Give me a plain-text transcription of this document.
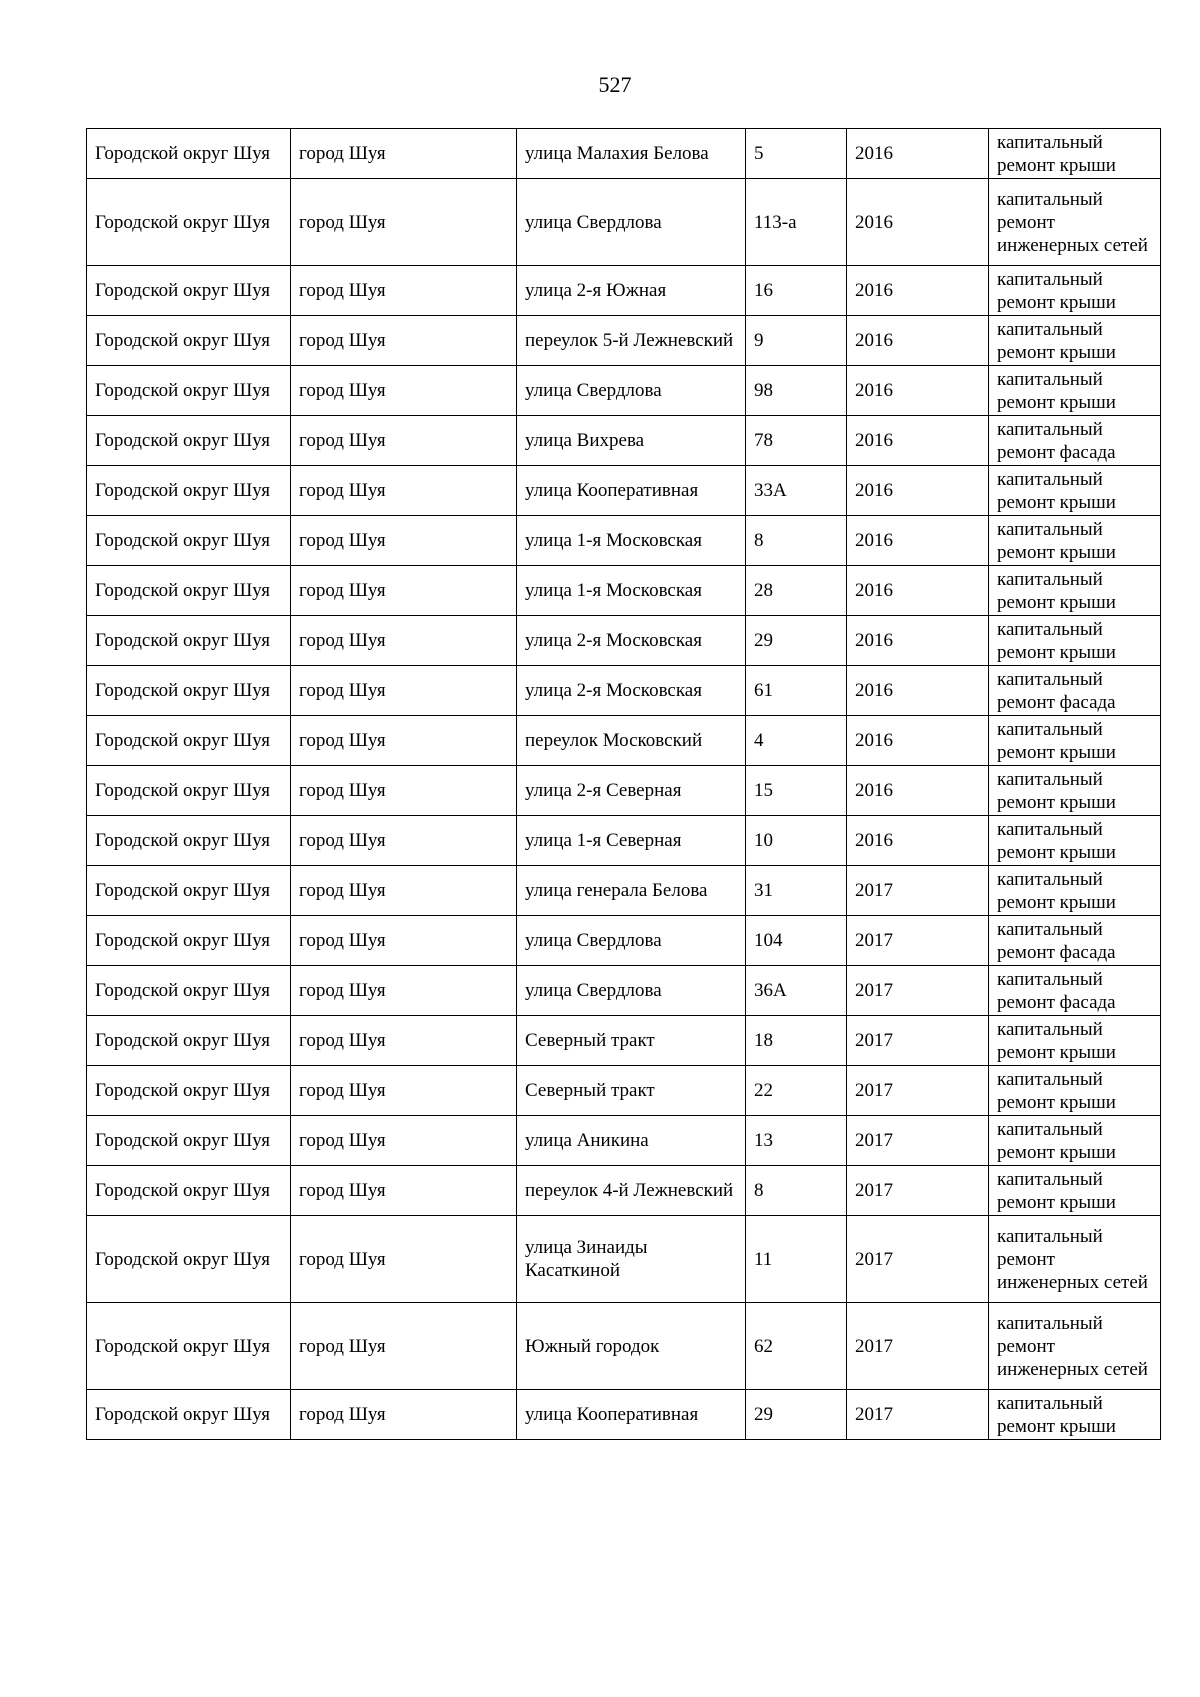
527
Городской округ Шуя	город Шуя	улица Малахия Белова	5	2016	капитальный ремонт крыши
Городской округ Шуя	город Шуя	улица Свердлова	113-а	2016	капитальный ремонт инженерных сетей
Городской округ Шуя	город Шуя	улица 2-я Южная	16	2016	капитальный ремонт крыши
Городской округ Шуя	город Шуя	переулок 5-й Лежневский	9	2016	капитальный ремонт крыши
Городской округ Шуя	город Шуя	улица Свердлова	98	2016	капитальный ремонт крыши
Городской округ Шуя	город Шуя	улица Вихрева	78	2016	капитальный ремонт фасада
Городской округ Шуя	город Шуя	улица Кооперативная	33А	2016	капитальный ремонт крыши
Городской округ Шуя	город Шуя	улица 1-я Московская	8	2016	капитальный ремонт крыши
Городской округ Шуя	город Шуя	улица 1-я Московская	28	2016	капитальный ремонт крыши
Городской округ Шуя	город Шуя	улица 2-я Московская	29	2016	капитальный ремонт крыши
Городской округ Шуя	город Шуя	улица 2-я Московская	61	2016	капитальный ремонт фасада
Городской округ Шуя	город Шуя	переулок Московский	4	2016	капитальный ремонт крыши
Городской округ Шуя	город Шуя	улица 2-я Северная	15	2016	капитальный ремонт крыши
Городской округ Шуя	город Шуя	улица 1-я Северная	10	2016	капитальный ремонт крыши
Городской округ Шуя	город Шуя	улица генерала Белова	31	2017	капитальный ремонт крыши
Городской округ Шуя	город Шуя	улица Свердлова	104	2017	капитальный ремонт фасада
Городской округ Шуя	город Шуя	улица Свердлова	36А	2017	капитальный ремонт фасада
Городской округ Шуя	город Шуя	Северный тракт	18	2017	капитальный ремонт крыши
Городской округ Шуя	город Шуя	Северный тракт	22	2017	капитальный ремонт крыши
Городской округ Шуя	город Шуя	улица Аникина	13	2017	капитальный ремонт крыши
Городской округ Шуя	город Шуя	переулок 4-й Лежневский	8	2017	капитальный ремонт крыши
Городской округ Шуя	город Шуя	улица Зинаиды Касаткиной	11	2017	капитальный ремонт инженерных сетей
Городской округ Шуя	город Шуя	Южный городок	62	2017	капитальный ремонт инженерных сетей
Городской округ Шуя	город Шуя	улица Кооперативная	29	2017	капитальный ремонт крыши
